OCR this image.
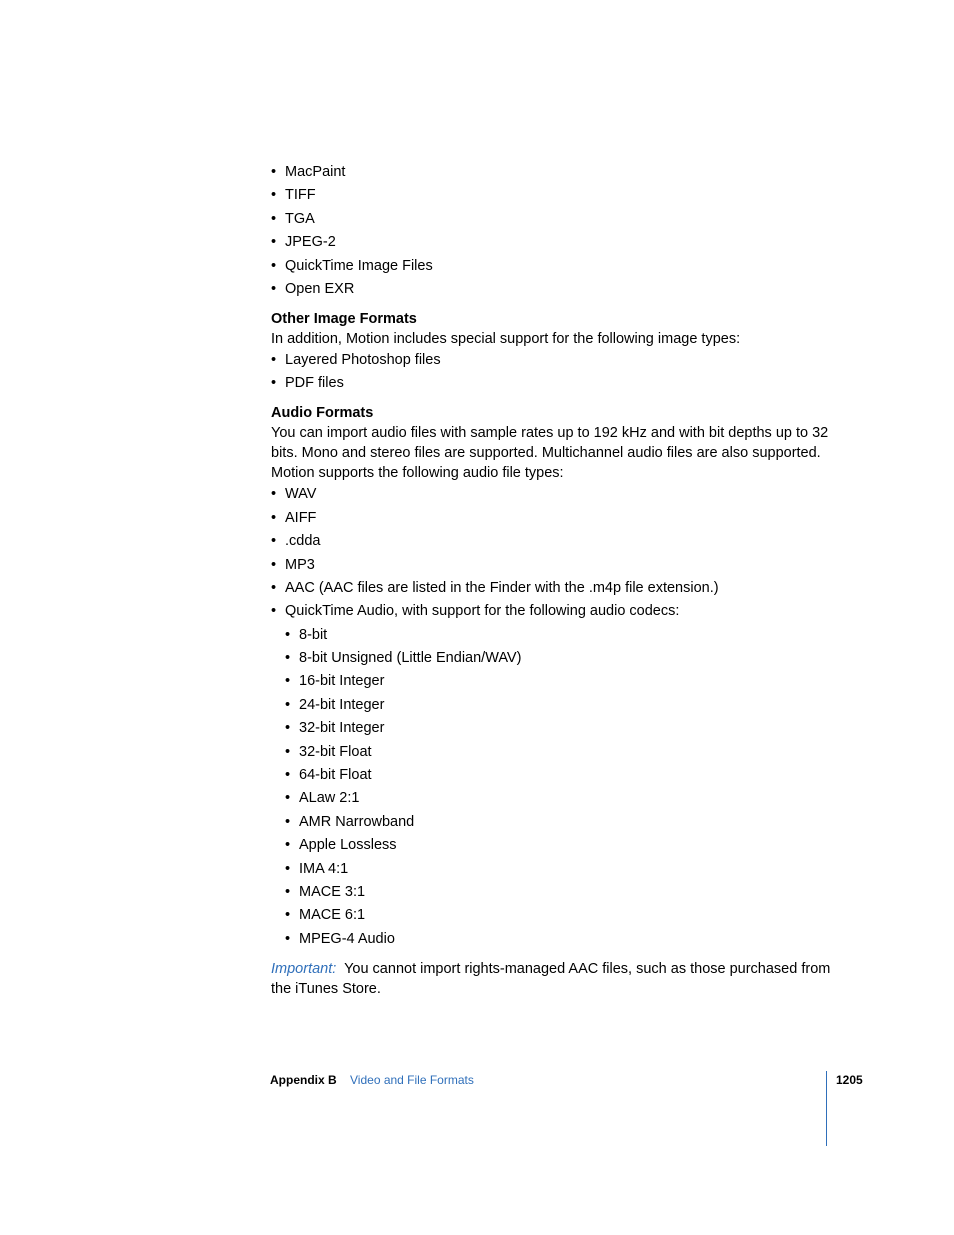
• MacPaint
• TIFF
• TGA
• JPEG-2
• QuickTime Image Files
• Open EXR
Other Image Formats

In addition, Motion includes special support for the following image types:

• Layered Photoshop files
• PDF files
Audio Formats

You can import audio files with sample rates up to 192 kHz and with bit depths up to 32 bits. Mono and stereo files are supported. Multichannel audio files are also supported. Motion supports the following audio file types:

• WAV
• AIFF
• .cdda
• MP3
• AAC (AAC files are listed in the Finder with the .m4p file extension.)
• QuickTime Audio, with support for the following audio codecs:
• 8-bit
• 8-bit Unsigned (Little Endian/WAV)
• 16-bit Integer
• 24-bit Integer
• 32-bit Integer
• 32-bit Float
• 64-bit Float
• ALaw 2:1
• AMR Narrowband
• Apple Lossless
• IMA 4:1
• MACE 3:1
• MACE 6:1
• MPEG-4 Audio

Important: You cannot import rights-managed AAC files, such as those purchased from the iTunes Store.

Appendix B Video and File Formats	1205
